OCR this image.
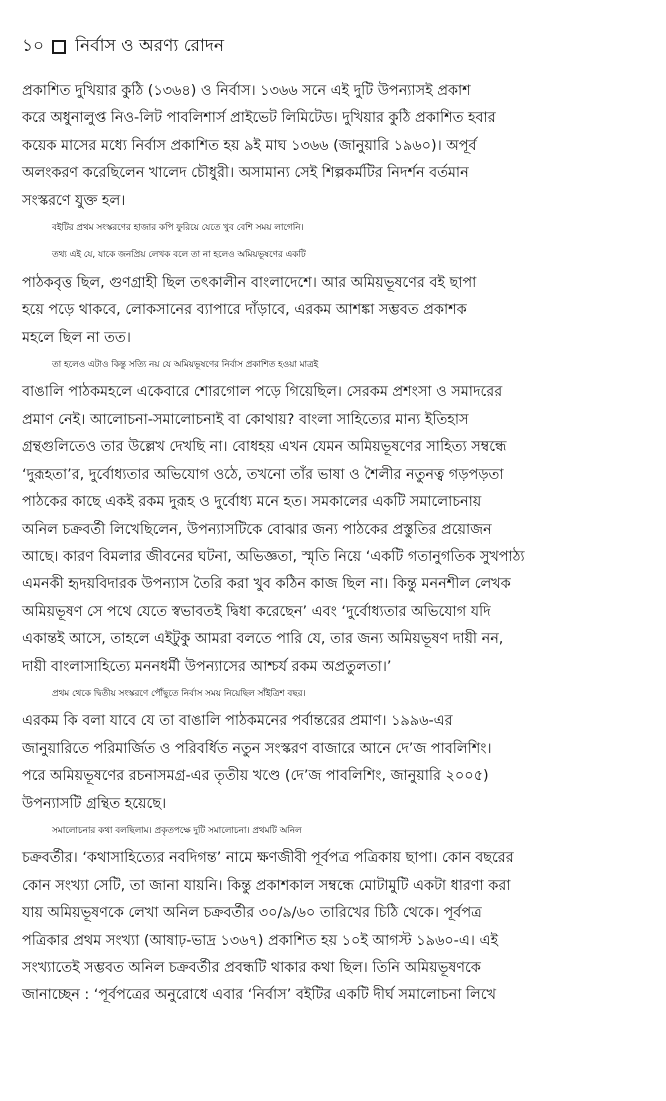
১০ নির্বাস ও অরণ্য রোদন

প্রকাশিত দুখিয়ার কুঠি (১৩৬৪) ও নির্বাস। ১৩৬৬ সনে এই দুটি উপন্যাসই প্রকাশ
করে অধুনালুপ্ত নিও-লিট পাবলিশার্স প্রাইভেট লিমিটেড। দুখিয়ার কুঠি প্রকাশিত হবার
কয়েক মাসের মধ্যে নির্বাস প্রকাশিত হয় ৯ই মাঘ ১৩৬৬ (জানুয়ারি ১৯৬০)। অপূর্ব
অলংকরণ করেছিলেন খালেদ চৌধুরী। অসামান্য সেই শিল্পকর্মটির নিদর্শন বর্তমান
সংস্করণে যুক্ত হল।

বইটির প্রথম সংস্করণের হাজার কপি ফুরিয়ে যেতে খুব বেশি সময় লাগেনি।
তথ্য এই যে, যাকে জনপ্রিয় লেখক বলে তা না হলেও অমিয়ভূষণের একটি
পাঠকবৃত্ত ছিল, গুণগ্রাহী ছিল তৎকালীন বাংলাদেশে। আর অমিয়ভূষণের বই ছাপা
হয়ে পড়ে থাকবে, লোকসানের ব্যাপারে দাঁড়াবে, এরকম আশঙ্কা সম্ভবত প্রকাশক
মহলে ছিল না তত।

তা হলেও এটাও কিন্তু সত্যি নয় যে অমিয়ভূষণের নির্বাস প্রকাশিত হওয়া মাত্রই
বাঙালি পাঠকমহলে একেবারে শোরগোল পড়ে গিয়েছিল। সেরকম প্রশংসা ও সমাদরের
প্রমাণ নেই। আলোচনা-সমালোচনাই বা কোথায়? বাংলা সাহিত্যের মান্য ইতিহাস
গ্রন্থগুলিতেও তার উল্লেখ দেখছি না। বোধহয় এখন যেমন অমিয়ভূষণের সাহিত্য সম্বন্ধে
‘দুরূহতা’র, দুর্বোধ্যতার অভিযোগ ওঠে, তখনো তাঁর ভাষা ও শৈলীর নতুনত্ব গড়পড়তা
পাঠকের কাছে একই রকম দুরূহ ও দুর্বোধ্য মনে হত। সমকালের একটি সমালোচনায়
অনিল চক্রবর্তী লিখেছিলেন, উপন্যাসটিকে বোঝার জন্য পাঠকের প্রস্তুতির প্রয়োজন
আছে। কারণ বিমলার জীবনের ঘটনা, অভিজ্ঞতা, স্মৃতি নিয়ে ‘একটি গতানুগতিক সুখপাঠ্য
এমনকী হৃদয়বিদারক উপন্যাস তৈরি করা খুব কঠিন কাজ ছিল না। কিন্তু মননশীল লেখক
অমিয়ভূষণ সে পথে যেতে স্বভাবতই দ্বিধা করেছেন’ এবং ‘দুর্বোধ্যতার অভিযোগ যদি
একান্তই আসে, তাহলে এইটুকু আমরা বলতে পারি যে, তার জন্য অমিয়ভূষণ দায়ী নন,
দায়ী বাংলাসাহিত্যে মননধর্মী উপন্যাসের আশ্চর্য রকম অপ্রতুলতা।’

প্রথম থেকে দ্বিতীয় সংস্করণে পৌঁছুতে নির্বাস সময় নিয়েছিল সাঁইত্রিশ বছর।
এরকম কি বলা যাবে যে তা বাঙালি পাঠকমনের পর্বান্তরের প্রমাণ। ১৯৯৬-এর
জানুয়ারিতে পরিমার্জিত ও পরিবর্ধিত নতুন সংস্করণ বাজারে আনে দে’জ পাবলিশিং।
পরে অমিয়ভূষণের রচনাসমগ্র-এর তৃতীয় খণ্ডে (দে’জ পাবলিশিং, জানুয়ারি ২০০৫)
উপন্যাসটি গ্রন্থিত হয়েছে।

সমালোচনার কথা বলছিলাম। প্রকৃতপক্ষে দুটি সমালোচনা। প্রথমটি অনিল
চক্রবর্তীর। ‘কথাসাহিত্যের নবদিগন্ত’ নামে ক্ষণজীবী পূর্বপত্র পত্রিকায় ছাপা। কোন বছরের
কোন সংখ্যা সেটি, তা জানা যায়নি। কিন্তু প্রকাশকাল সম্বন্ধে মোটামুটি একটা ধারণা করা
যায় অমিয়ভূষণকে লেখা অনিল চক্রবর্তীর ৩০/৯/৬০ তারিখের চিঠি থেকে। পূর্বপত্র
পত্রিকার প্রথম সংখ্যা (আষাঢ়-ভাদ্র ১৩৬৭) প্রকাশিত হয় ১০ই আগস্ট ১৯৬০-এ। এই
সংখ্যাতেই সম্ভবত অনিল চক্রবর্তীর প্রবন্ধটি থাকার কথা ছিল। তিনি অমিয়ভূষণকে
জানাচ্ছেন : ‘পূর্বপত্রের অনুরোধে এবার ‘নির্বাস’ বইটির একটি দীর্ঘ সমালোচনা লিখে
